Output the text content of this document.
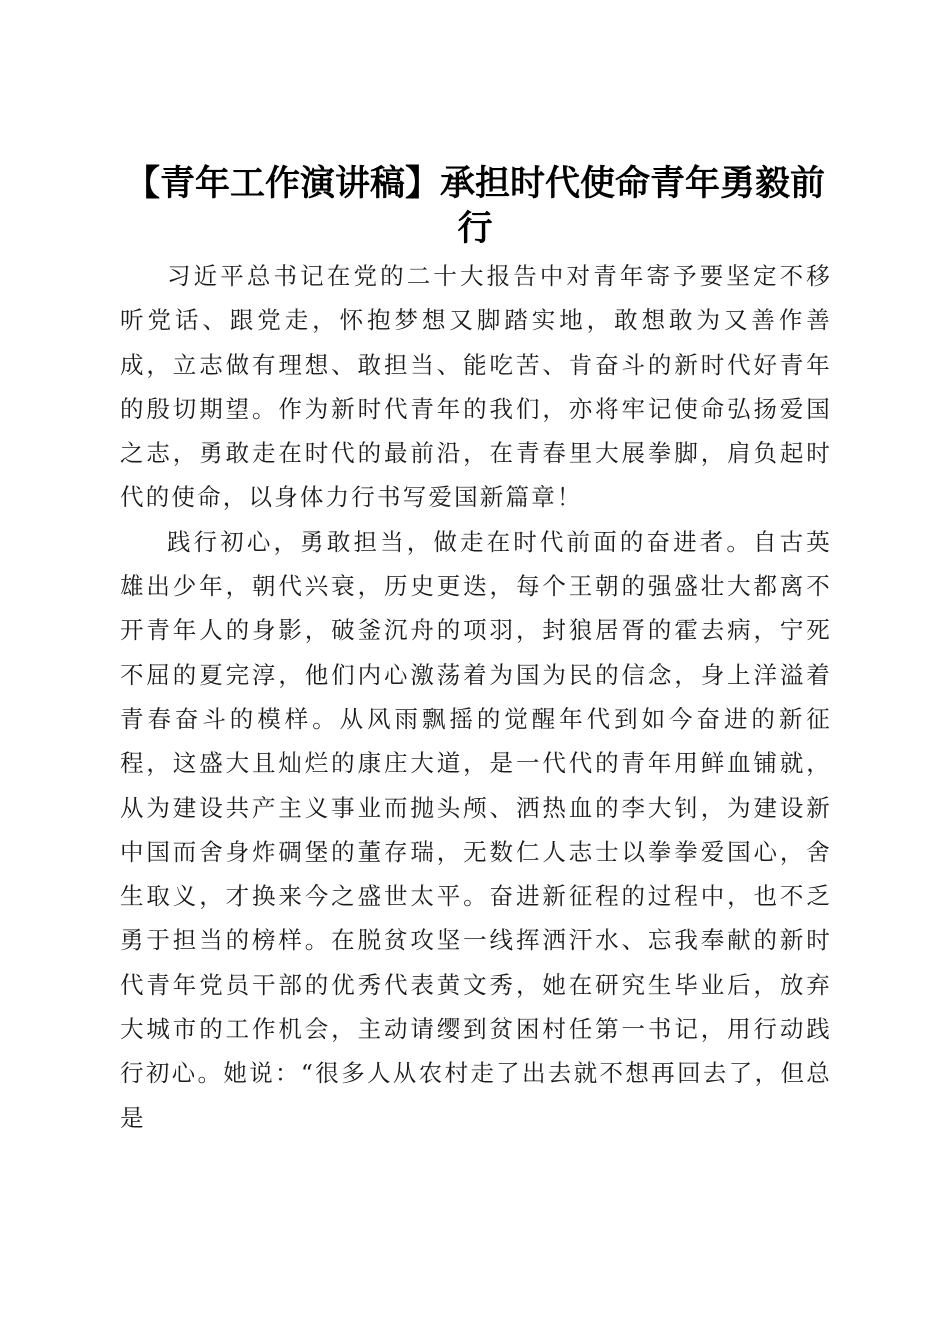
【青年工作演讲稿】承担时代使命青年勇毅前行

习近平总书记在党的二十大报告中对青年寄予要坚定不移听党话、跟党走，怀抱梦想又脚踏实地，敢想敢为又善作善成，立志做有理想、敢担当、能吃苦、肯奋斗的新时代好青年的殷切期望。作为新时代青年的我们，亦将牢记使命弘扬爱国之志，勇敢走在时代的最前沿，在青春里大展拳脚，肩负起时代的使命，以身体力行书写爱国新篇章！

践行初心，勇敢担当，做走在时代前面的奋进者。自古英雄出少年，朝代兴衰，历史更迭，每个王朝的强盛壮大都离不开青年人的身影，破釜沉舟的项羽，封狼居胥的霍去病，宁死不屈的夏完淳，他们内心激荡着为国为民的信念，身上洋溢着青春奋斗的模样。从风雨飘摇的觉醒年代到如今奋进的新征程，这盛大且灿烂的康庄大道，是一代代的青年用鲜血铺就，从为建设共产主义事业而抛头颅、洒热血的李大钊，为建设新中国而舍身炸碉堡的董存瑞，无数仁人志士以拳拳爱国心，舍生取义，才换来今之盛世太平。奋进新征程的过程中，也不乏勇于担当的榜样。在脱贫攻坚一线挥洒汗水、忘我奉献的新时代青年党员干部的优秀代表黄文秀，她在研究生毕业后，放弃大城市的工作机会，主动请缨到贫困村任第一书记，用行动践行初心。她说：“很多人从农村走了出去就不想再回去了，但总是
